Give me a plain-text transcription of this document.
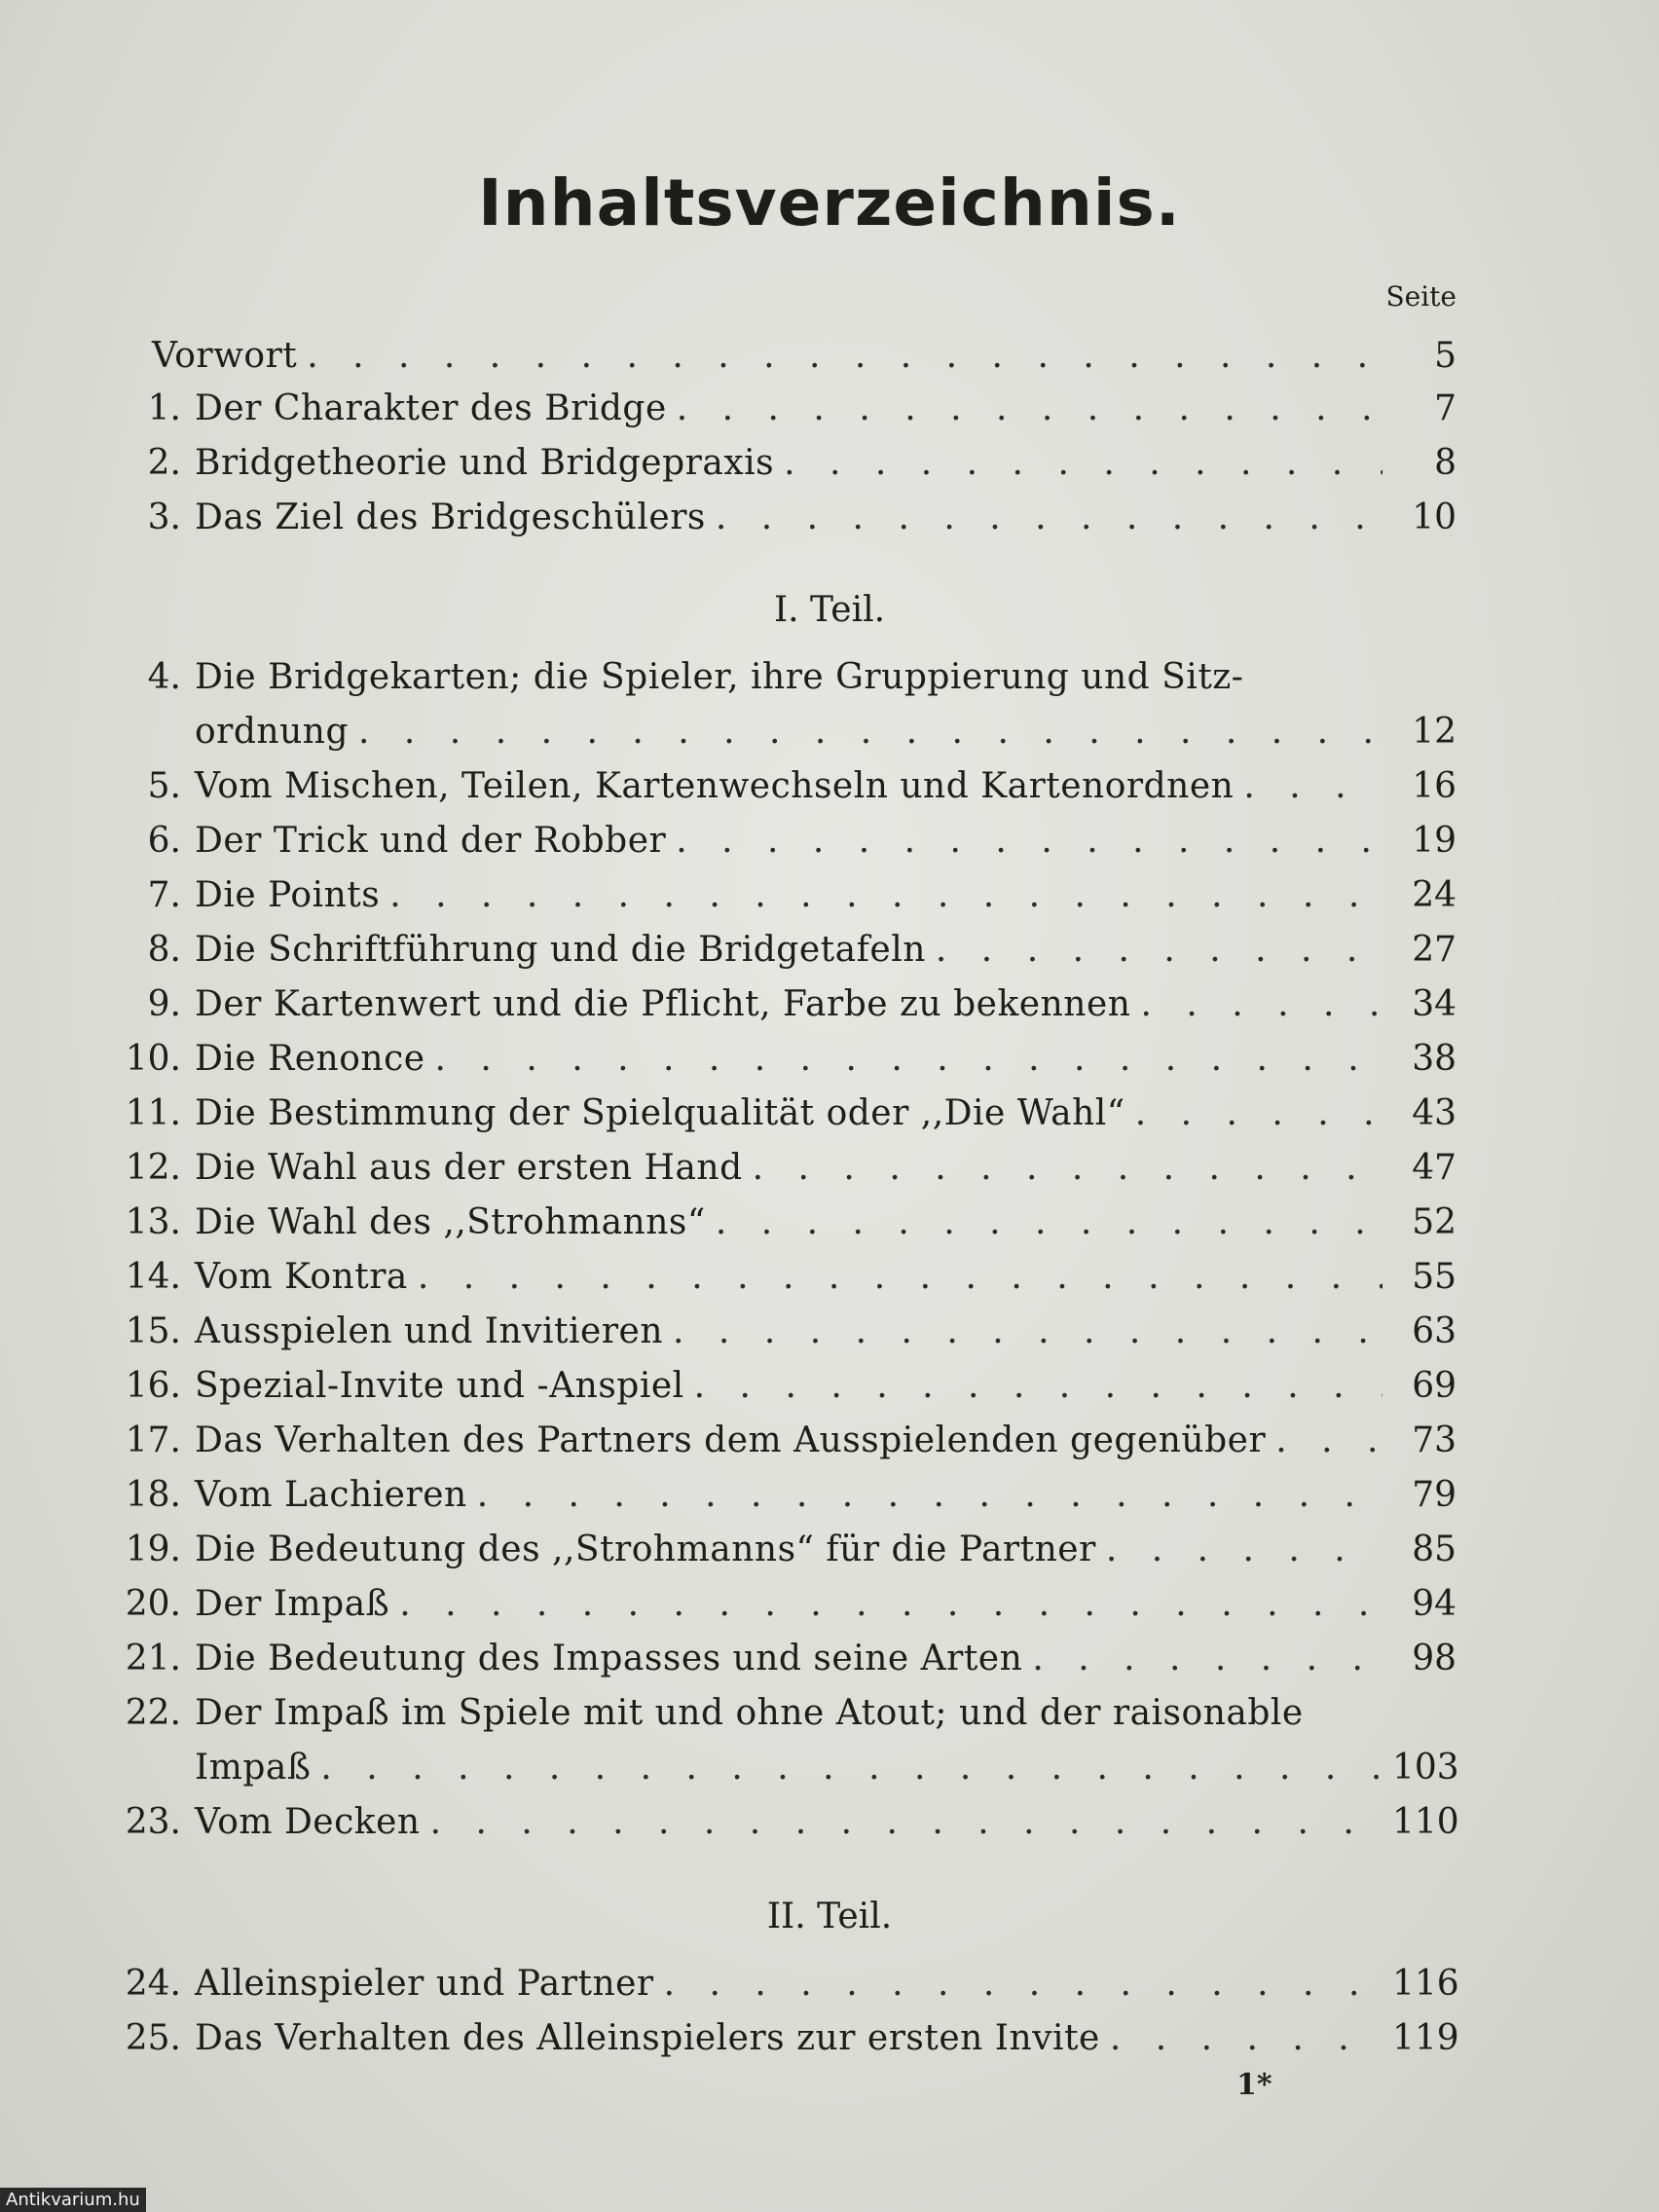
Inhaltsverzeichnis.
Seite
I. Teil.
II. Teil.
Vorwort . . .	5
1. Der Charakter des Bridge . . .	7
2. Bridgetheorie und Bridgepraxis . . .	8
3. Das Ziel des Bridgeschülers . . .	10
4. Die Bridgekarten; die Spieler, ihre Gruppierung und Sitz-
ordnung . . .	12
5. Vom Mischen, Teilen, Kartenwechseln und Kartenordnen . . .	16
6. Der Trick und der Robber . . .	19
7. Die Points . . .	24
8. Die Schriftführung und die Bridgetafeln . . .	27
9. Der Kartenwert und die Pflicht, Farbe zu bekennen . . .	34
10. Die Renonce . . .	38
11. Die Bestimmung der Spielqualität oder ,,Die Wahl“ . . .	43
12. Die Wahl aus der ersten Hand . . .	47
13. Die Wahl des ,,Strohmanns“ . . .	52
14. Vom Kontra . . .	55
15. Ausspielen und Invitieren . . .	63
16. Spezial-Invite und -Anspiel . . .	69
17. Das Verhalten des Partners dem Ausspielenden gegenüber . . .	73
18. Vom Lachieren . . .	79
19. Die Bedeutung des ,,Strohmanns“ für die Partner . . .	85
20. Der Impaß . . .	94
21. Die Bedeutung des Impasses und seine Arten . . .	98
22. Der Impaß im Spiele mit und ohne Atout; und der raisonable
Impaß . . .	103
23. Vom Decken . . .	110
24. Alleinspieler und Partner . . .	116
25. Das Verhalten des Alleinspielers zur ersten Invite . . .	119
1*
Antikvarium.hu
